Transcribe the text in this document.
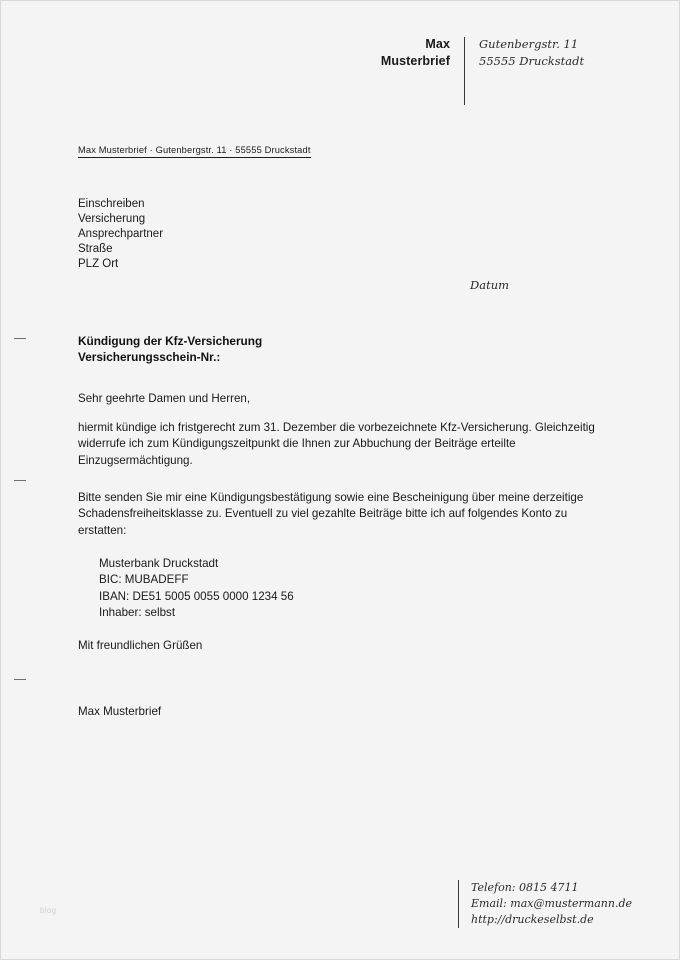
Max
Musterbrief
Gutenbergstr. 11
55555 Druckstadt
Max Musterbrief · Gutenbergstr. 11 · 55555 Druckstadt
Einschreiben
Versicherung
Ansprechpartner
Straße
PLZ Ort
Datum
Kündigung der Kfz-Versicherung
Versicherungsschein-Nr.:
Sehr geehrte Damen und Herren,
hiermit kündige ich fristgerecht zum 31. Dezember die vorbezeichnete Kfz-Versicherung. Gleichzeitig widerrufe ich zum Kündigungszeitpunkt die Ihnen zur Abbuchung der Beiträge erteilte Einzugsermächtigung.
Bitte senden Sie mir eine Kündigungsbestätigung sowie eine Bescheinigung über meine derzeitige Schadensfreiheitsklasse zu. Eventuell zu viel gezahlte Beiträge bitte ich auf folgendes Konto zu erstatten:
Musterbank Druckstadt
BIC: MUBADEFF
IBAN: DE51 5005 0055 0000 1234 56
Inhaber: selbst
Mit freundlichen Grüßen
Max Musterbrief
Telefon: 0815 4711
Email: max@mustermann.de
http://druckeselbst.de
blog
